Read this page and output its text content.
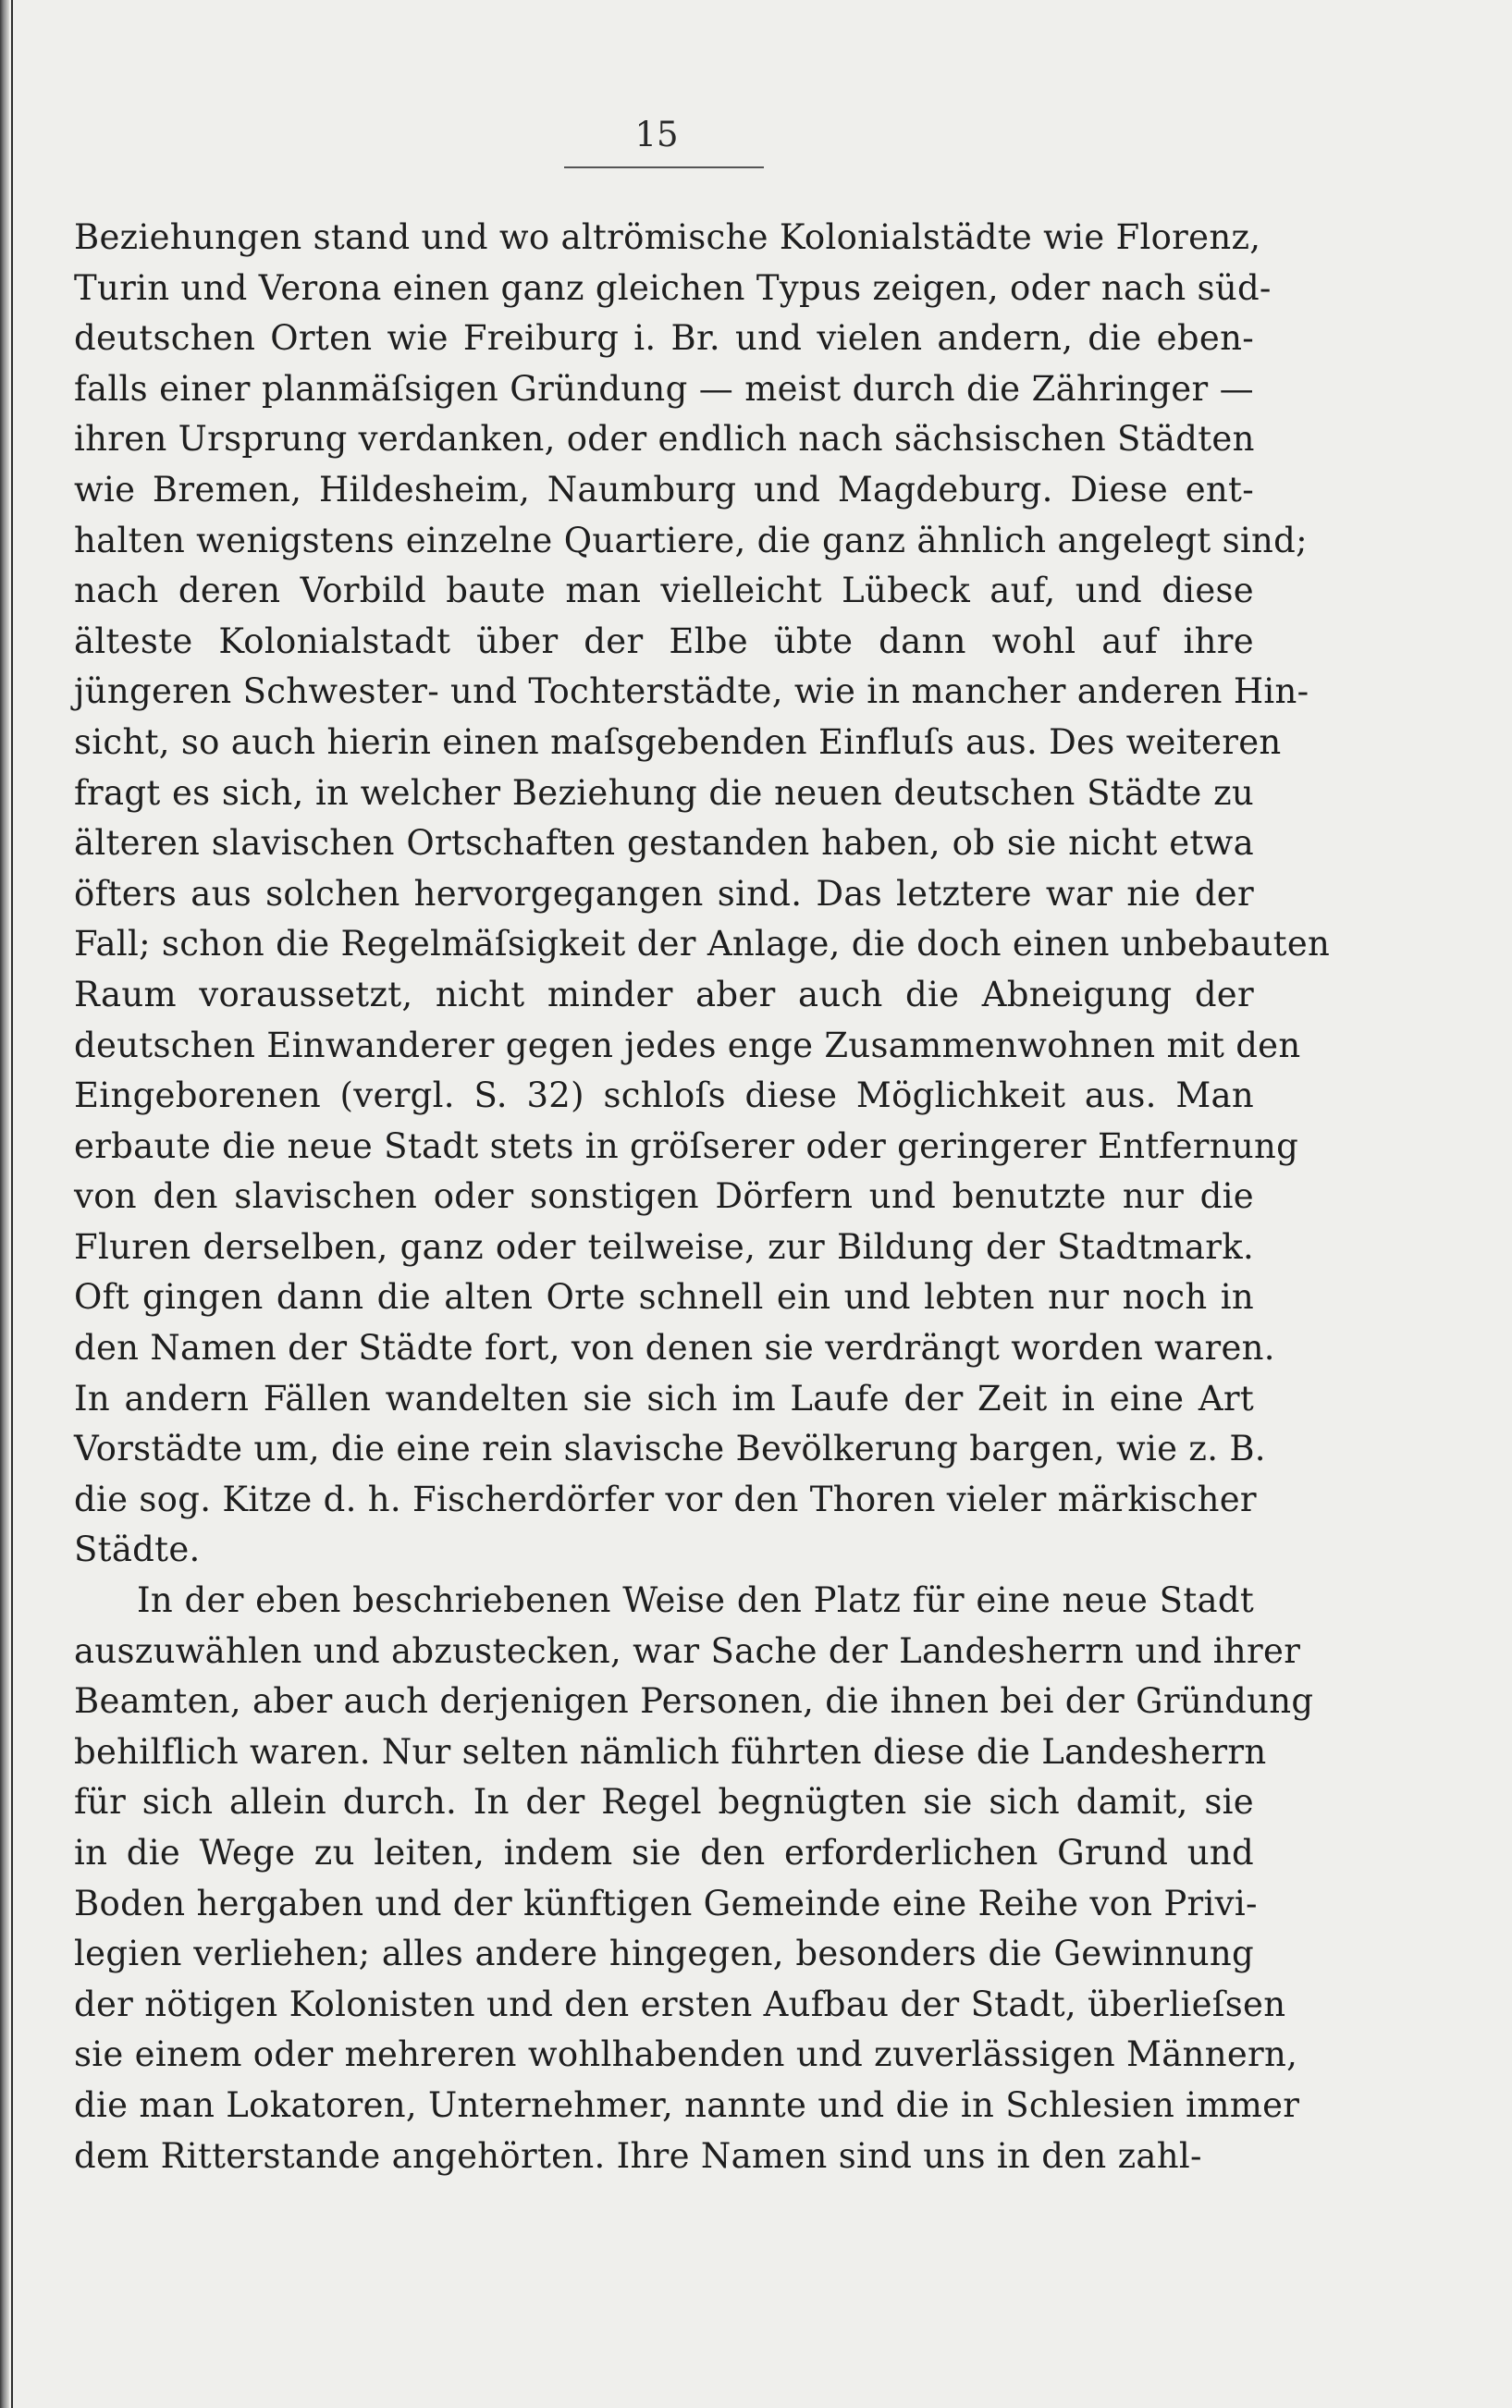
15
Beziehungen stand und wo altrömische Kolonialstädte wie Florenz,
Turin und Verona einen ganz gleichen Typus zeigen, oder nach süd-
deutschen Orten wie Freiburg i. Br. und vielen andern, die eben-
falls einer planmäſsigen Gründung — meist durch die Zähringer —
ihren Ursprung verdanken, oder endlich nach sächsischen Städten
wie Bremen, Hildesheim, Naumburg und Magdeburg. Diese ent-
halten wenigstens einzelne Quartiere, die ganz ähnlich angelegt sind;
nach deren Vorbild baute man vielleicht Lübeck auf, und diese
älteste Kolonialstadt über der Elbe übte dann wohl auf ihre
jüngeren Schwester- und Tochterstädte, wie in mancher anderen Hin-
sicht, so auch hierin einen maſsgebenden Einfluſs aus. Des weiteren
fragt es sich, in welcher Beziehung die neuen deutschen Städte zu
älteren slavischen Ortschaften gestanden haben, ob sie nicht etwa
öfters aus solchen hervorgegangen sind. Das letztere war nie der
Fall; schon die Regelmäſsigkeit der Anlage, die doch einen unbebauten
Raum voraussetzt, nicht minder aber auch die Abneigung der
deutschen Einwanderer gegen jedes enge Zusammenwohnen mit den
Eingeborenen (vergl. S. 32) schloſs diese Möglichkeit aus. Man
erbaute die neue Stadt stets in gröſserer oder geringerer Entfernung
von den slavischen oder sonstigen Dörfern und benutzte nur die
Fluren derselben, ganz oder teilweise, zur Bildung der Stadtmark.
Oft gingen dann die alten Orte schnell ein und lebten nur noch in
den Namen der Städte fort, von denen sie verdrängt worden waren.
In andern Fällen wandelten sie sich im Laufe der Zeit in eine Art
Vorstädte um, die eine rein slavische Bevölkerung bargen, wie z. B.
die sog. Kitze d. h. Fischerdörfer vor den Thoren vieler märkischer
Städte.
In der eben beschriebenen Weise den Platz für eine neue Stadt
auszuwählen und abzustecken, war Sache der Landesherrn und ihrer
Beamten, aber auch derjenigen Personen, die ihnen bei der Gründung
behilflich waren. Nur selten nämlich führten diese die Landesherrn
für sich allein durch. In der Regel begnügten sie sich damit, sie
in die Wege zu leiten, indem sie den erforderlichen Grund und
Boden hergaben und der künftigen Gemeinde eine Reihe von Privi-
legien verliehen; alles andere hingegen, besonders die Gewinnung
der nötigen Kolonisten und den ersten Aufbau der Stadt, überlieſsen
sie einem oder mehreren wohlhabenden und zuverlässigen Männern,
die man Lokatoren, Unternehmer, nannte und die in Schlesien immer
dem Ritterstande angehörten. Ihre Namen sind uns in den zahl-
